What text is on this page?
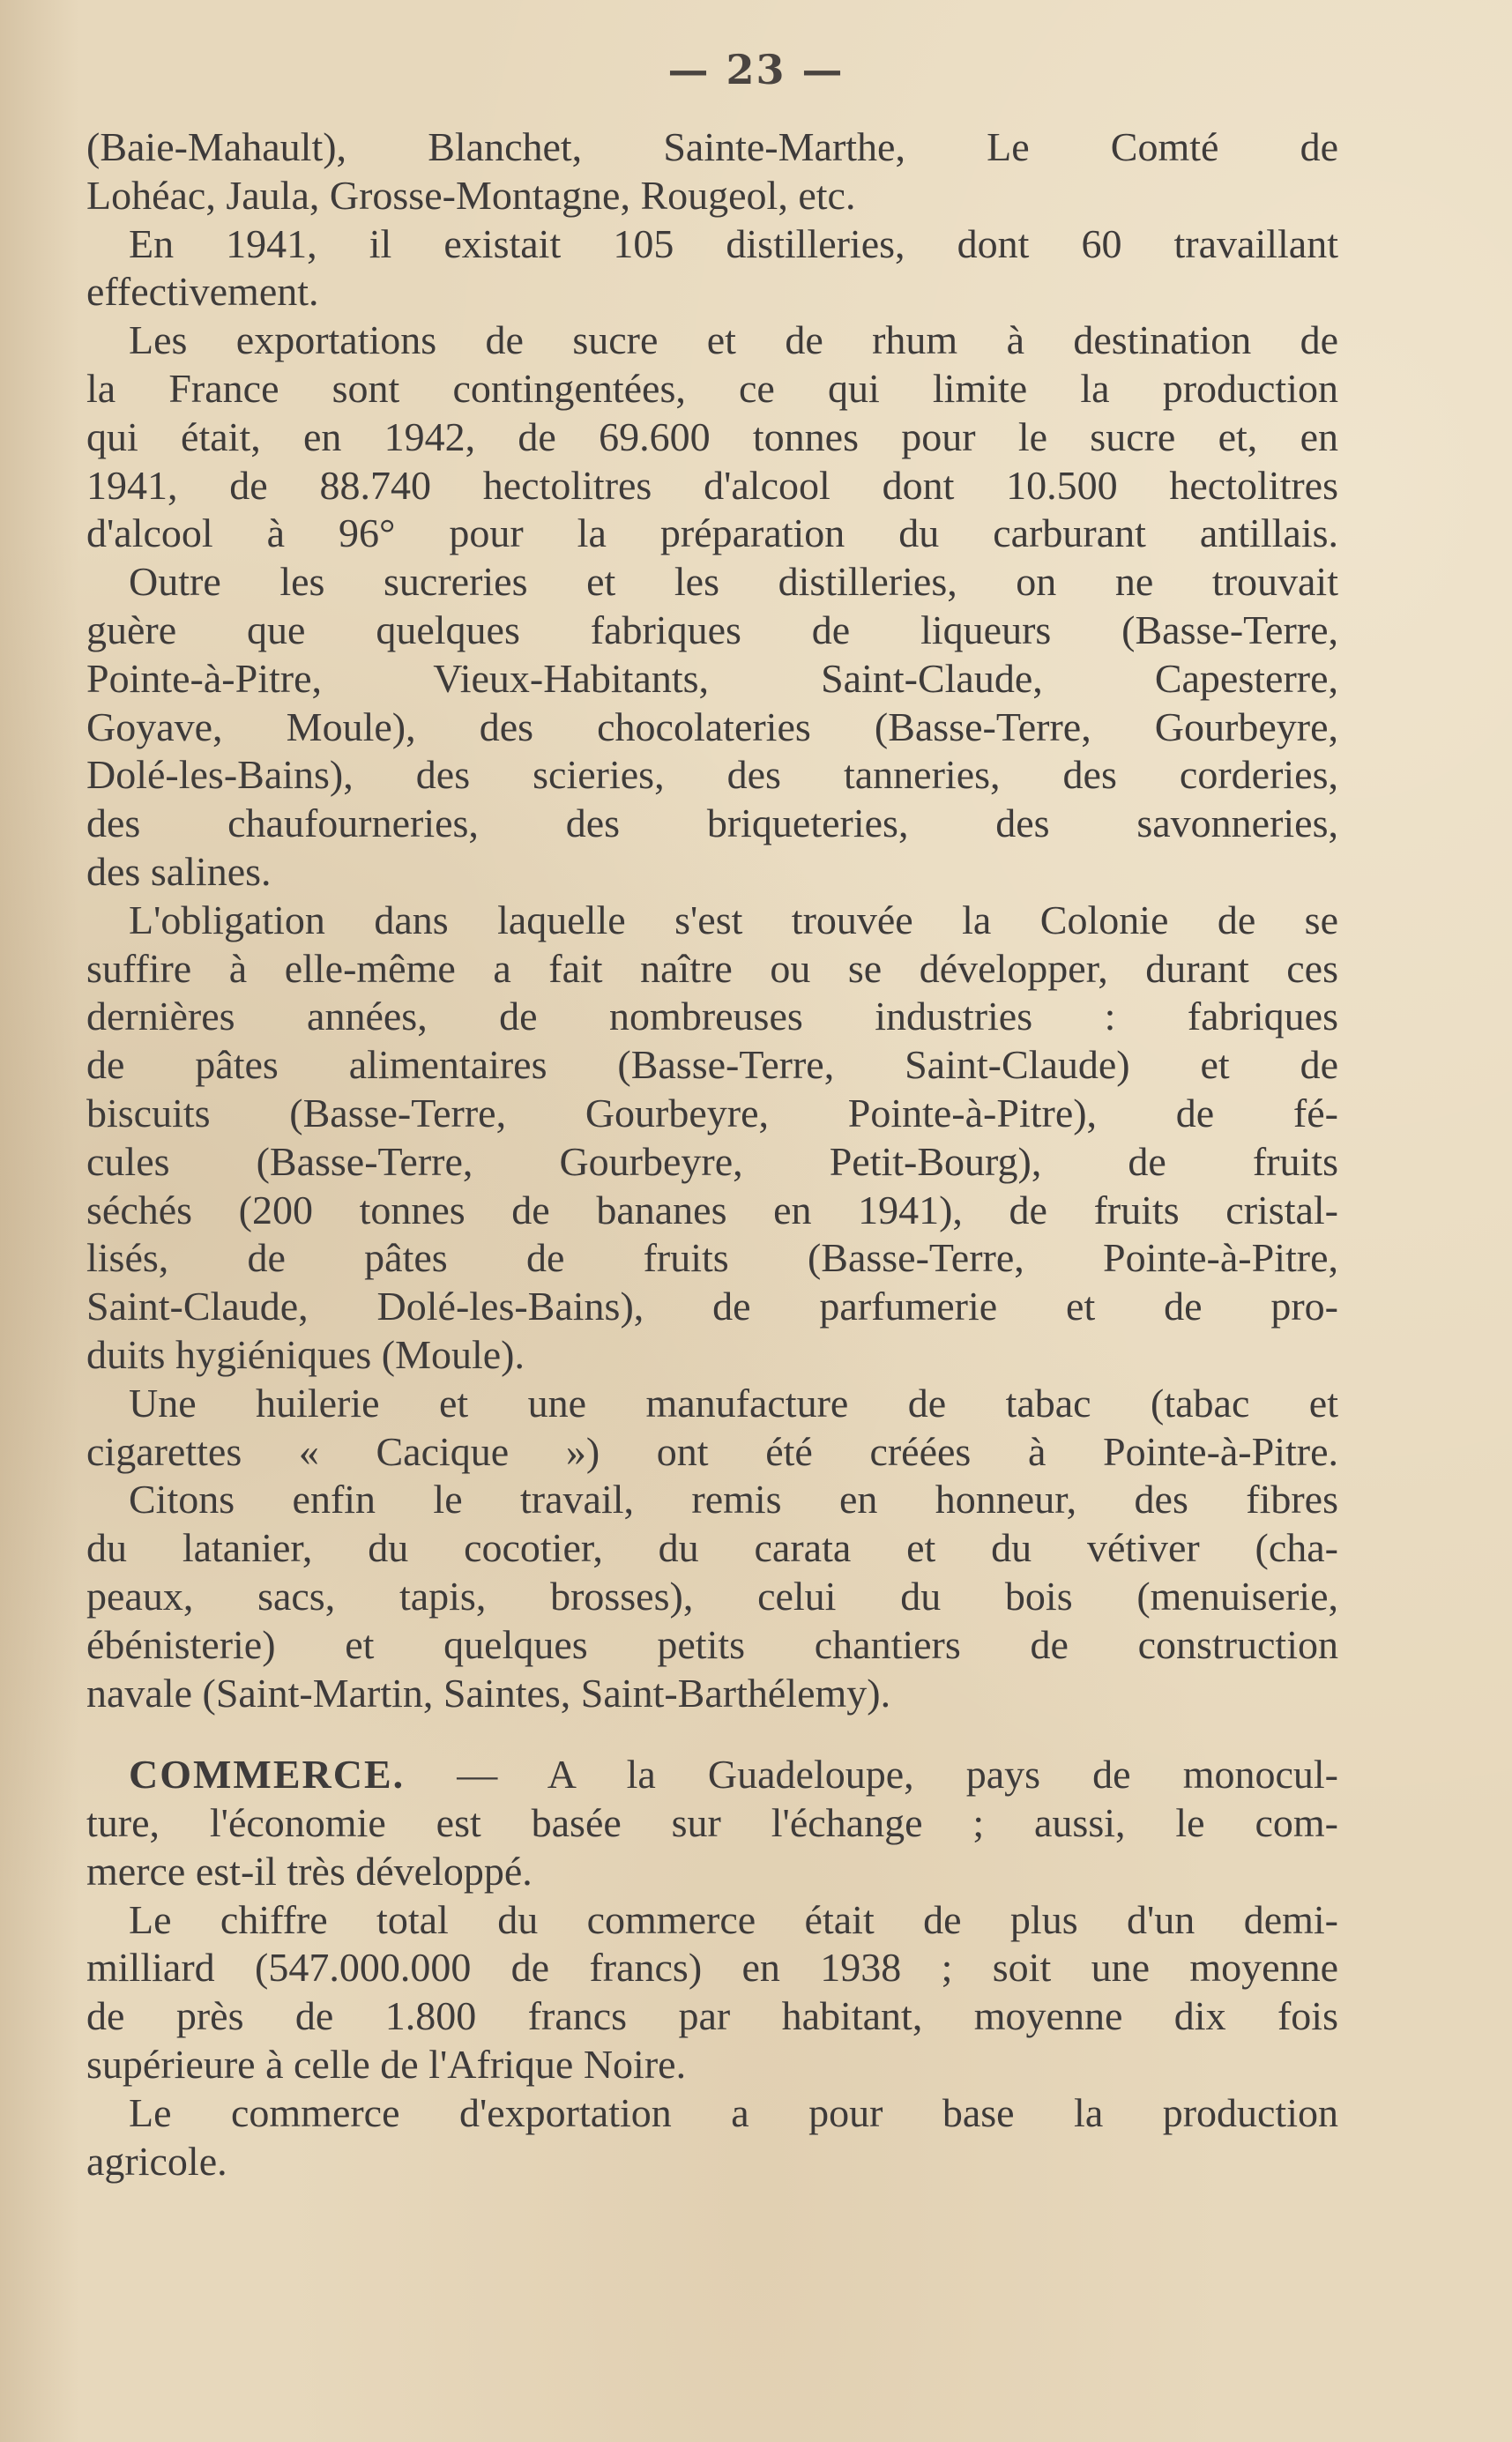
— 23 —
(Baie-Mahault), Blanchet, Sainte-Marthe, Le Comté de
Lohéac, Jaula, Grosse-Montagne, Rougeol, etc.
En 1941, il existait 105 distilleries, dont 60 travaillant
effectivement.
Les exportations de sucre et de rhum à destination de
la France sont contingentées, ce qui limite la production
qui était, en 1942, de 69.600 tonnes pour le sucre et, en
1941, de 88.740 hectolitres d'alcool dont 10.500 hectolitres
d'alcool à 96° pour la préparation du carburant antillais.
Outre les sucreries et les distilleries, on ne trouvait
guère que quelques fabriques de liqueurs (Basse-Terre,
Pointe-à-Pitre, Vieux-Habitants, Saint-Claude, Capesterre,
Goyave, Moule), des chocolateries (Basse-Terre, Gourbeyre,
Dolé-les-Bains), des scieries, des tanneries, des corderies,
des chaufourneries, des briqueteries, des savonneries,
des salines.
L'obligation dans laquelle s'est trouvée la Colonie de se
suffire à elle-même a fait naître ou se développer, durant ces
dernières années, de nombreuses industries : fabriques
de pâtes alimentaires (Basse-Terre, Saint-Claude) et de
biscuits (Basse-Terre, Gourbeyre, Pointe-à-Pitre), de fé-
cules (Basse-Terre, Gourbeyre, Petit-Bourg), de fruits
séchés (200 tonnes de bananes en 1941), de fruits cristal-
lisés, de pâtes de fruits (Basse-Terre, Pointe-à-Pitre,
Saint-Claude, Dolé-les-Bains), de parfumerie et de pro-
duits hygiéniques (Moule).
Une huilerie et une manufacture de tabac (tabac et
cigarettes « Cacique ») ont été créées à Pointe-à-Pitre.
Citons enfin le travail, remis en honneur, des fibres
du latanier, du cocotier, du carata et du vétiver (cha-
peaux, sacs, tapis, brosses), celui du bois (menuiserie,
ébénisterie) et quelques petits chantiers de construction
navale (Saint-Martin, Saintes, Saint-Barthélemy).
COMMERCE. — A la Guadeloupe, pays de monocul-
ture, l'économie est basée sur l'échange ; aussi, le com-
merce est-il très développé.
Le chiffre total du commerce était de plus d'un demi-
milliard (547.000.000 de francs) en 1938 ; soit une moyenne
de près de 1.800 francs par habitant, moyenne dix fois
supérieure à celle de l'Afrique Noire.
Le commerce d'exportation a pour base la production
agricole.
